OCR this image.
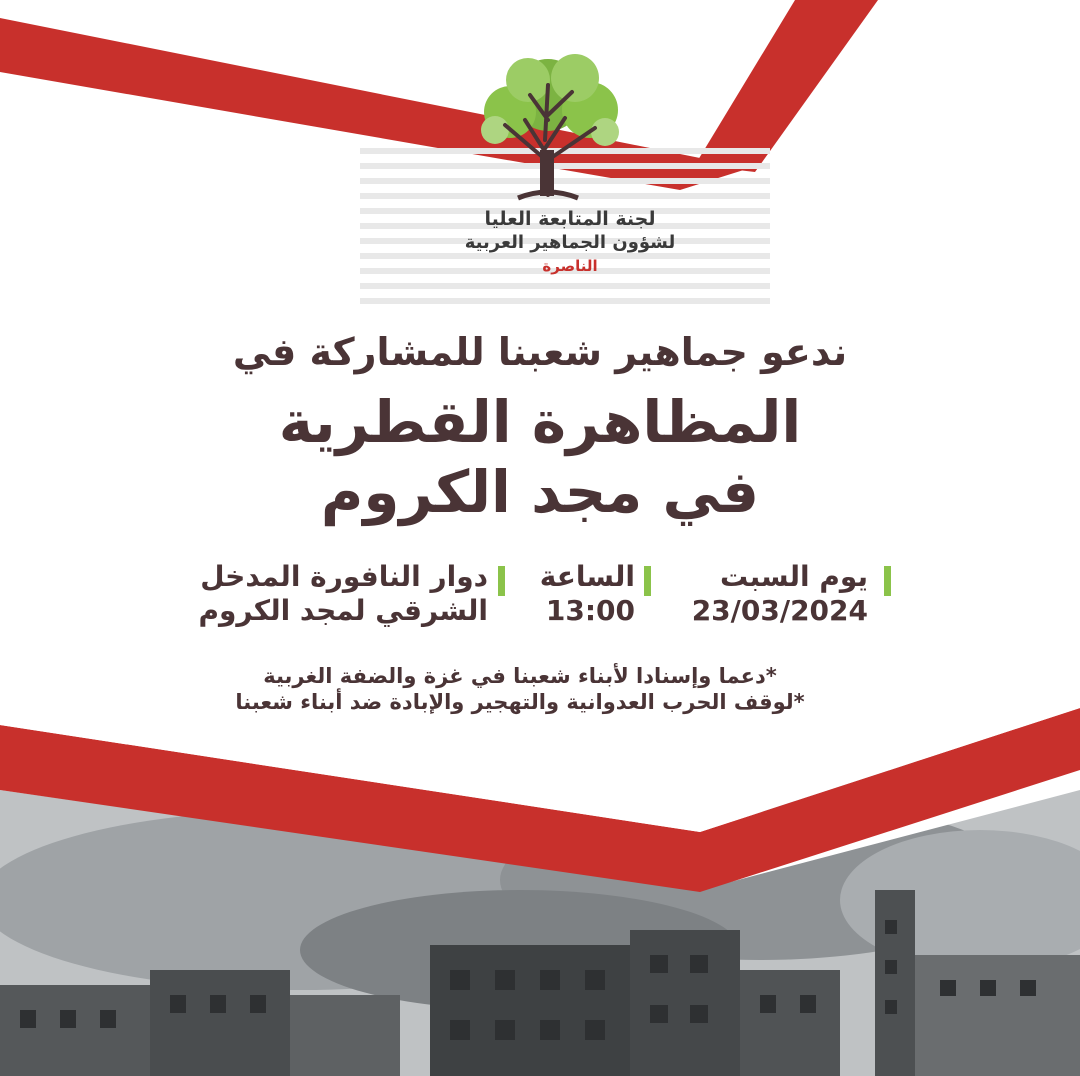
لجنة المتابعة العليا
لشؤون الجماهير العربية
الناصرة
ندعو جماهير شعبنا للمشاركة في
المظاهرة القطرية
في مجد الكروم
يوم السبت
23/03/2024
الساعة
13:00
دوار النافورة المدخل
الشرقي لمجد الكروم
*دعما وإسنادا لأبناء شعبنا في غزة والضفة الغربية
*لوقف الحرب العدوانية والتهجير والإبادة ضد أبناء شعبنا
